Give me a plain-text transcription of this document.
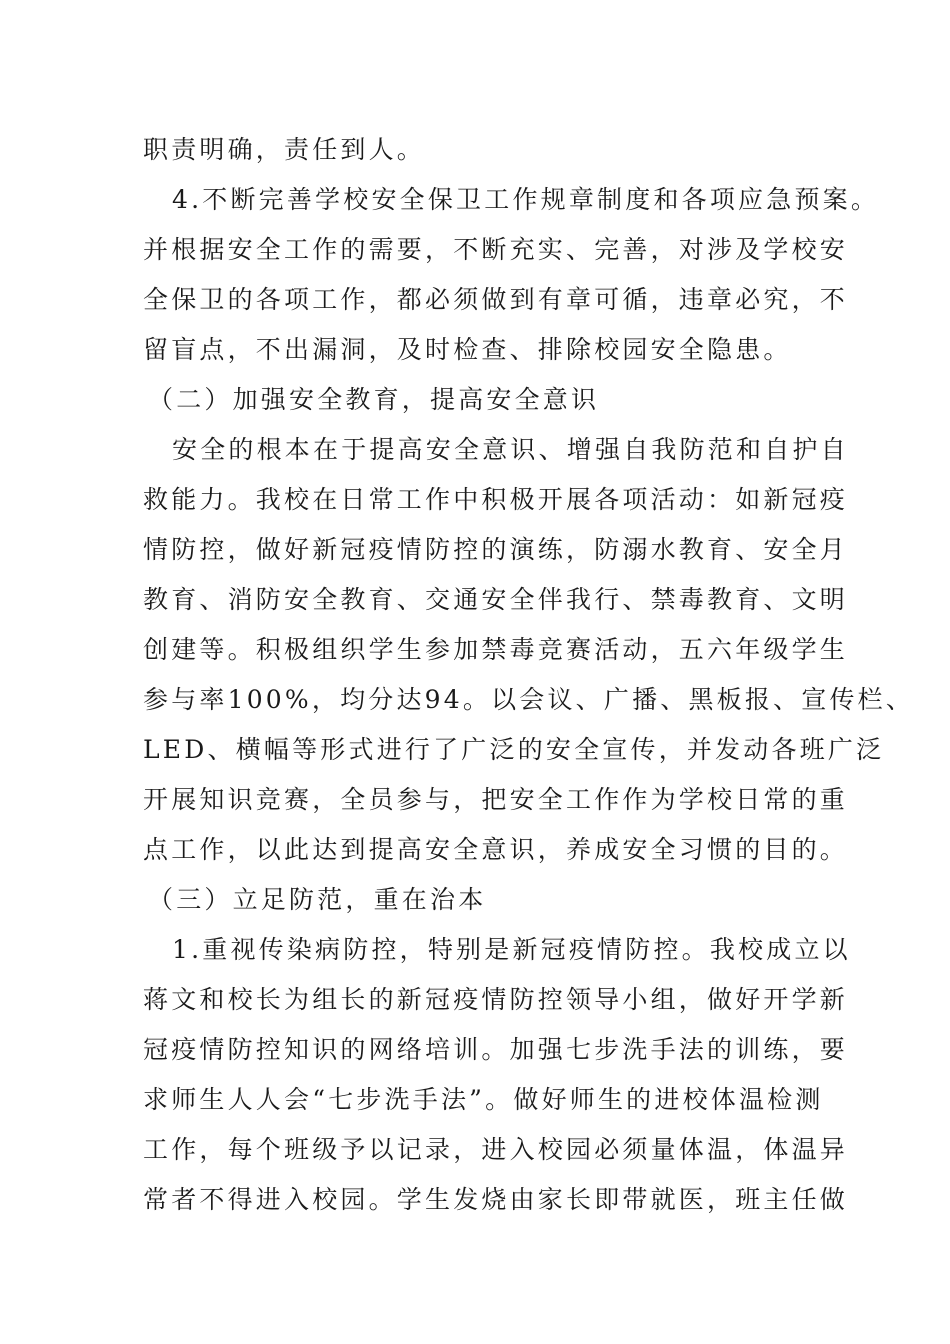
职责明确，责任到人。
4.不断完善学校安全保卫工作规章制度和各项应急预案。
并根据安全工作的需要，不断充实、完善，对涉及学校安
全保卫的各项工作，都必须做到有章可循，违章必究，不
留盲点，不出漏洞，及时检查、排除校园安全隐患。
（二）加强安全教育，提高安全意识
安全的根本在于提高安全意识、增强自我防范和自护自
救能力。我校在日常工作中积极开展各项活动：如新冠疫
情防控，做好新冠疫情防控的演练，防溺水教育、安全月
教育、消防安全教育、交通安全伴我行、禁毒教育、文明
创建等。积极组织学生参加禁毒竞赛活动，五六年级学生
参与率100%，均分达94。以会议、广播、黑板报、宣传栏、
LED、横幅等形式进行了广泛的安全宣传，并发动各班广泛
开展知识竞赛，全员参与，把安全工作作为学校日常的重
点工作，以此达到提高安全意识，养成安全习惯的目的。
（三）立足防范，重在治本
1.重视传染病防控，特别是新冠疫情防控。我校成立以
蒋文和校长为组长的新冠疫情防控领导小组，做好开学新
冠疫情防控知识的网络培训。加强七步洗手法的训练，要
求师生人人会“七步洗手法”。做好师生的进校体温检测
工作，每个班级予以记录，进入校园必须量体温，体温异
常者不得进入校园。学生发烧由家长即带就医，班主任做
